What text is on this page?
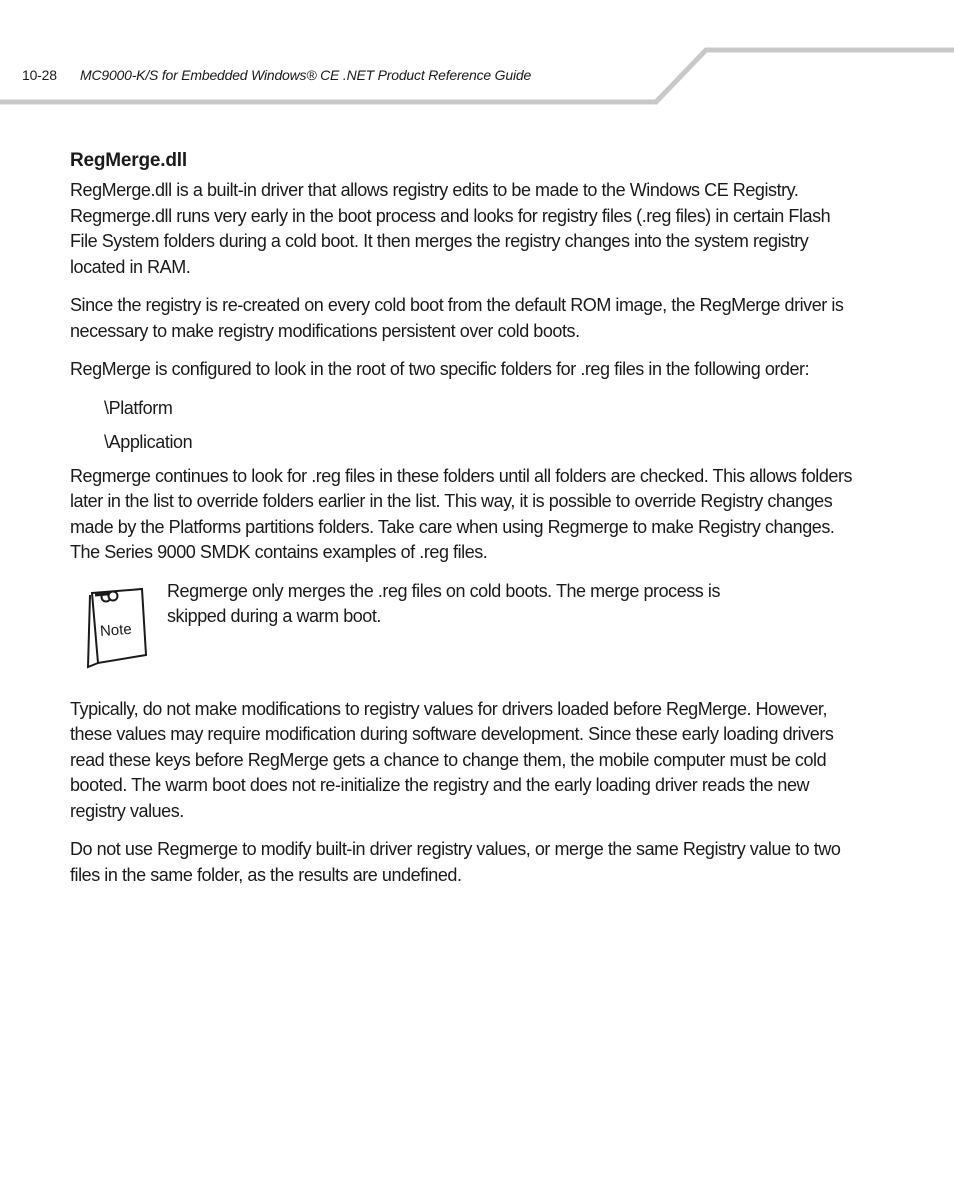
10-28 MC9000-K/S for Embedded Windows® CE .NET Product Reference Guide
RegMerge.dll

RegMerge.dll is a built-in driver that allows registry edits to be made to the Windows CE Registry. Regmerge.dll runs very early in the boot process and looks for registry files (.reg files) in certain Flash File System folders during a cold boot. It then merges the registry changes into the system registry located in RAM.

Since the registry is re-created on every cold boot from the default ROM image, the RegMerge driver is necessary to make registry modifications persistent over cold boots.

RegMerge is configured to look in the root of two specific folders for .reg files in the following order:

\Platform
\Application

Regmerge continues to look for .reg files in these folders until all folders are checked. This allows folders later in the list to override folders earlier in the list. This way, it is possible to override Registry changes made by the Platforms partitions folders. Take care when using Regmerge to make Registry changes. The Series 9000 SMDK contains examples of .reg files.

Note
Regmerge only merges the .reg files on cold boots. The merge process is skipped during a warm boot.

Typically, do not make modifications to registry values for drivers loaded before RegMerge. However, these values may require modification during software development. Since these early loading drivers read these keys before RegMerge gets a chance to change them, the mobile computer must be cold booted. The warm boot does not re-initialize the registry and the early loading driver reads the new registry values.

Do not use Regmerge to modify built-in driver registry values, or merge the same Registry value to two files in the same folder, as the results are undefined.
